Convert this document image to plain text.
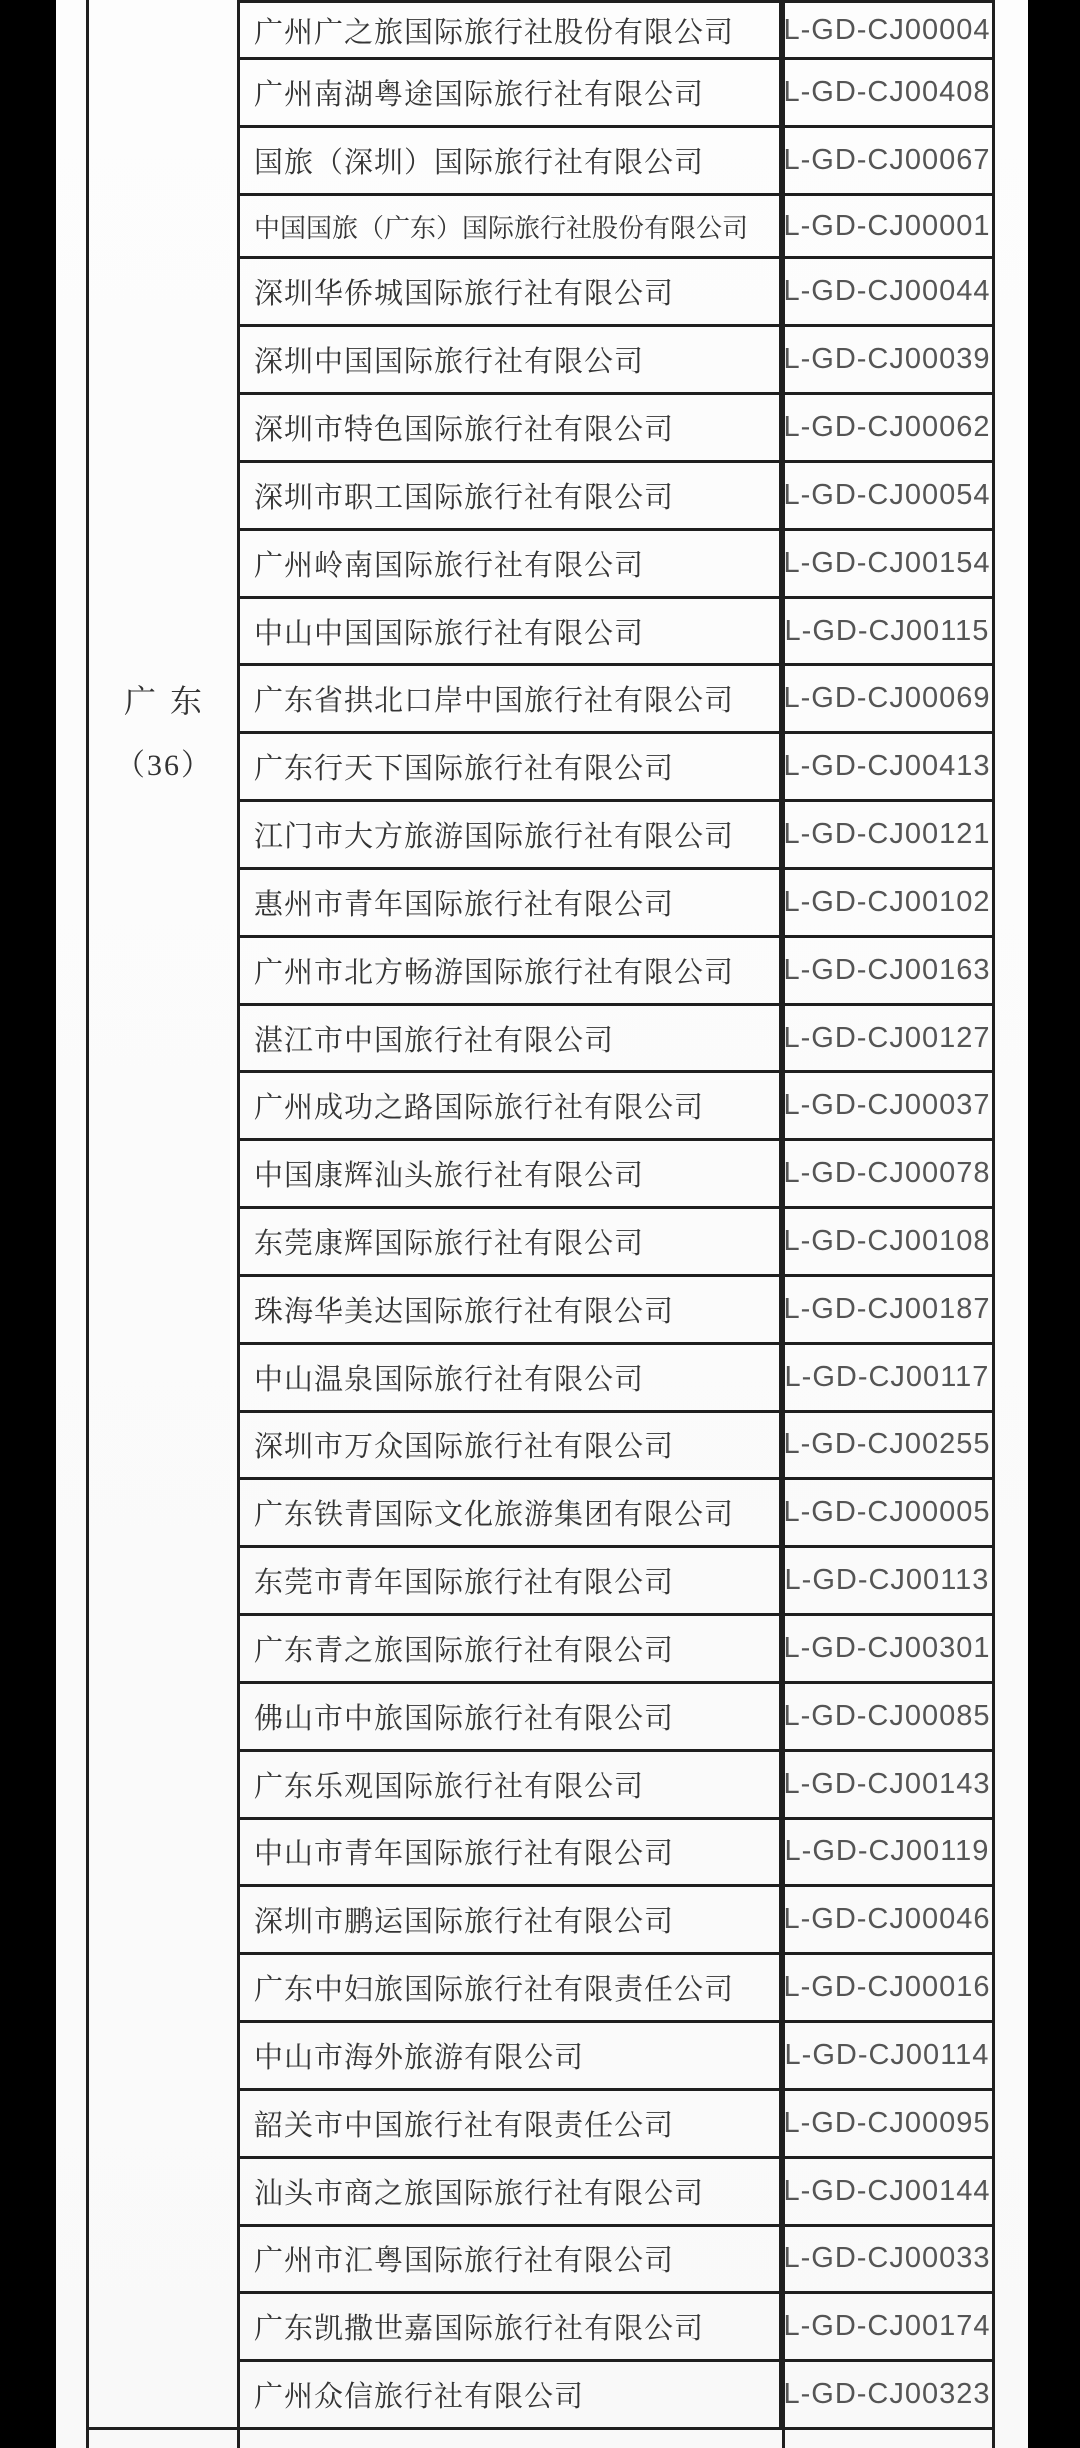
广东
（36）
广州广之旅国际旅行社股份有限公司	L-GD-CJ00004
广州南湖粤途国际旅行社有限公司	L-GD-CJ00408
国旅（深圳）国际旅行社有限公司	L-GD-CJ00067
中国国旅（广东）国际旅行社股份有限公司	L-GD-CJ00001
深圳华侨城国际旅行社有限公司	L-GD-CJ00044
深圳中国国际旅行社有限公司	L-GD-CJ00039
深圳市特色国际旅行社有限公司	L-GD-CJ00062
深圳市职工国际旅行社有限公司	L-GD-CJ00054
广州岭南国际旅行社有限公司	L-GD-CJ00154
中山中国国际旅行社有限公司	L-GD-CJ00115
广东省拱北口岸中国旅行社有限公司	L-GD-CJ00069
广东行天下国际旅行社有限公司	L-GD-CJ00413
江门市大方旅游国际旅行社有限公司	L-GD-CJ00121
惠州市青年国际旅行社有限公司	L-GD-CJ00102
广州市北方畅游国际旅行社有限公司	L-GD-CJ00163
湛江市中国旅行社有限公司	L-GD-CJ00127
广州成功之路国际旅行社有限公司	L-GD-CJ00037
中国康辉汕头旅行社有限公司	L-GD-CJ00078
东莞康辉国际旅行社有限公司	L-GD-CJ00108
珠海华美达国际旅行社有限公司	L-GD-CJ00187
中山温泉国际旅行社有限公司	L-GD-CJ00117
深圳市万众国际旅行社有限公司	L-GD-CJ00255
广东铁青国际文化旅游集团有限公司	L-GD-CJ00005
东莞市青年国际旅行社有限公司	L-GD-CJ00113
广东青之旅国际旅行社有限公司	L-GD-CJ00301
佛山市中旅国际旅行社有限公司	L-GD-CJ00085
广东乐观国际旅行社有限公司	L-GD-CJ00143
中山市青年国际旅行社有限公司	L-GD-CJ00119
深圳市鹏运国际旅行社有限公司	L-GD-CJ00046
广东中妇旅国际旅行社有限责任公司	L-GD-CJ00016
中山市海外旅游有限公司	L-GD-CJ00114
韶关市中国旅行社有限责任公司	L-GD-CJ00095
汕头市商之旅国际旅行社有限公司	L-GD-CJ00144
广州市汇粤国际旅行社有限公司	L-GD-CJ00033
广东凯撒世嘉国际旅行社有限公司	L-GD-CJ00174
广州众信旅行社有限公司	L-GD-CJ00323
